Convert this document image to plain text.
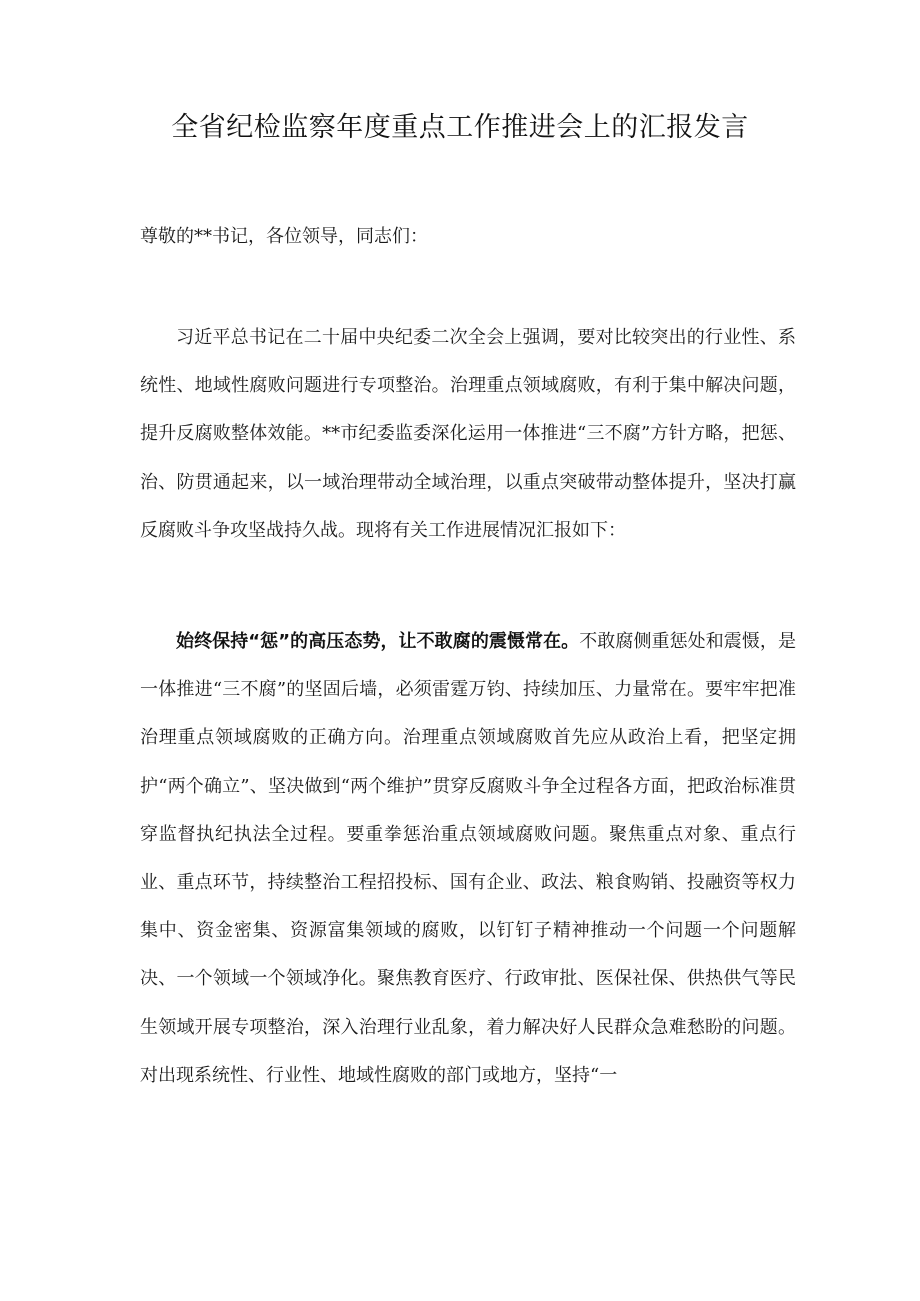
全省纪检监察年度重点工作推进会上的汇报发言
尊敬的**书记，各位领导，同志们：

习近平总书记在二十届中央纪委二次全会上强调，要对比较突出的行业性、系统性、地域性腐败问题进行专项整治。治理重点领域腐败，有利于集中解决问题，提升反腐败整体效能。**市纪委监委深化运用一体推进“三不腐”方针方略，把惩、治、防贯通起来，以一域治理带动全域治理，以重点突破带动整体提升，坚决打赢反腐败斗争攻坚战持久战。现将有关工作进展情况汇报如下：

始终保持“惩”的高压态势，让不敢腐的震慑常在。不敢腐侧重惩处和震慑，是一体推进“三不腐”的坚固后墙，必须雷霆万钧、持续加压、力量常在。要牢牢把准治理重点领域腐败的正确方向。治理重点领域腐败首先应从政治上看，把坚定拥护“两个确立”、坚决做到“两个维护”贯穿反腐败斗争全过程各方面，把政治标准贯穿监督执纪执法全过程。要重拳惩治重点领域腐败问题。聚焦重点对象、重点行业、重点环节，持续整治工程招投标、国有企业、政法、粮食购销、投融资等权力集中、资金密集、资源富集领域的腐败，以钉钉子精神推动一个问题一个问题解决、一个领域一个领域净化。聚焦教育医疗、行政审批、医保社保、供热供气等民生领域开展专项整治，深入治理行业乱象，着力解决好人民群众急难愁盼的问题。对出现系统性、行业性、地域性腐败的部门或地方，坚持“一
